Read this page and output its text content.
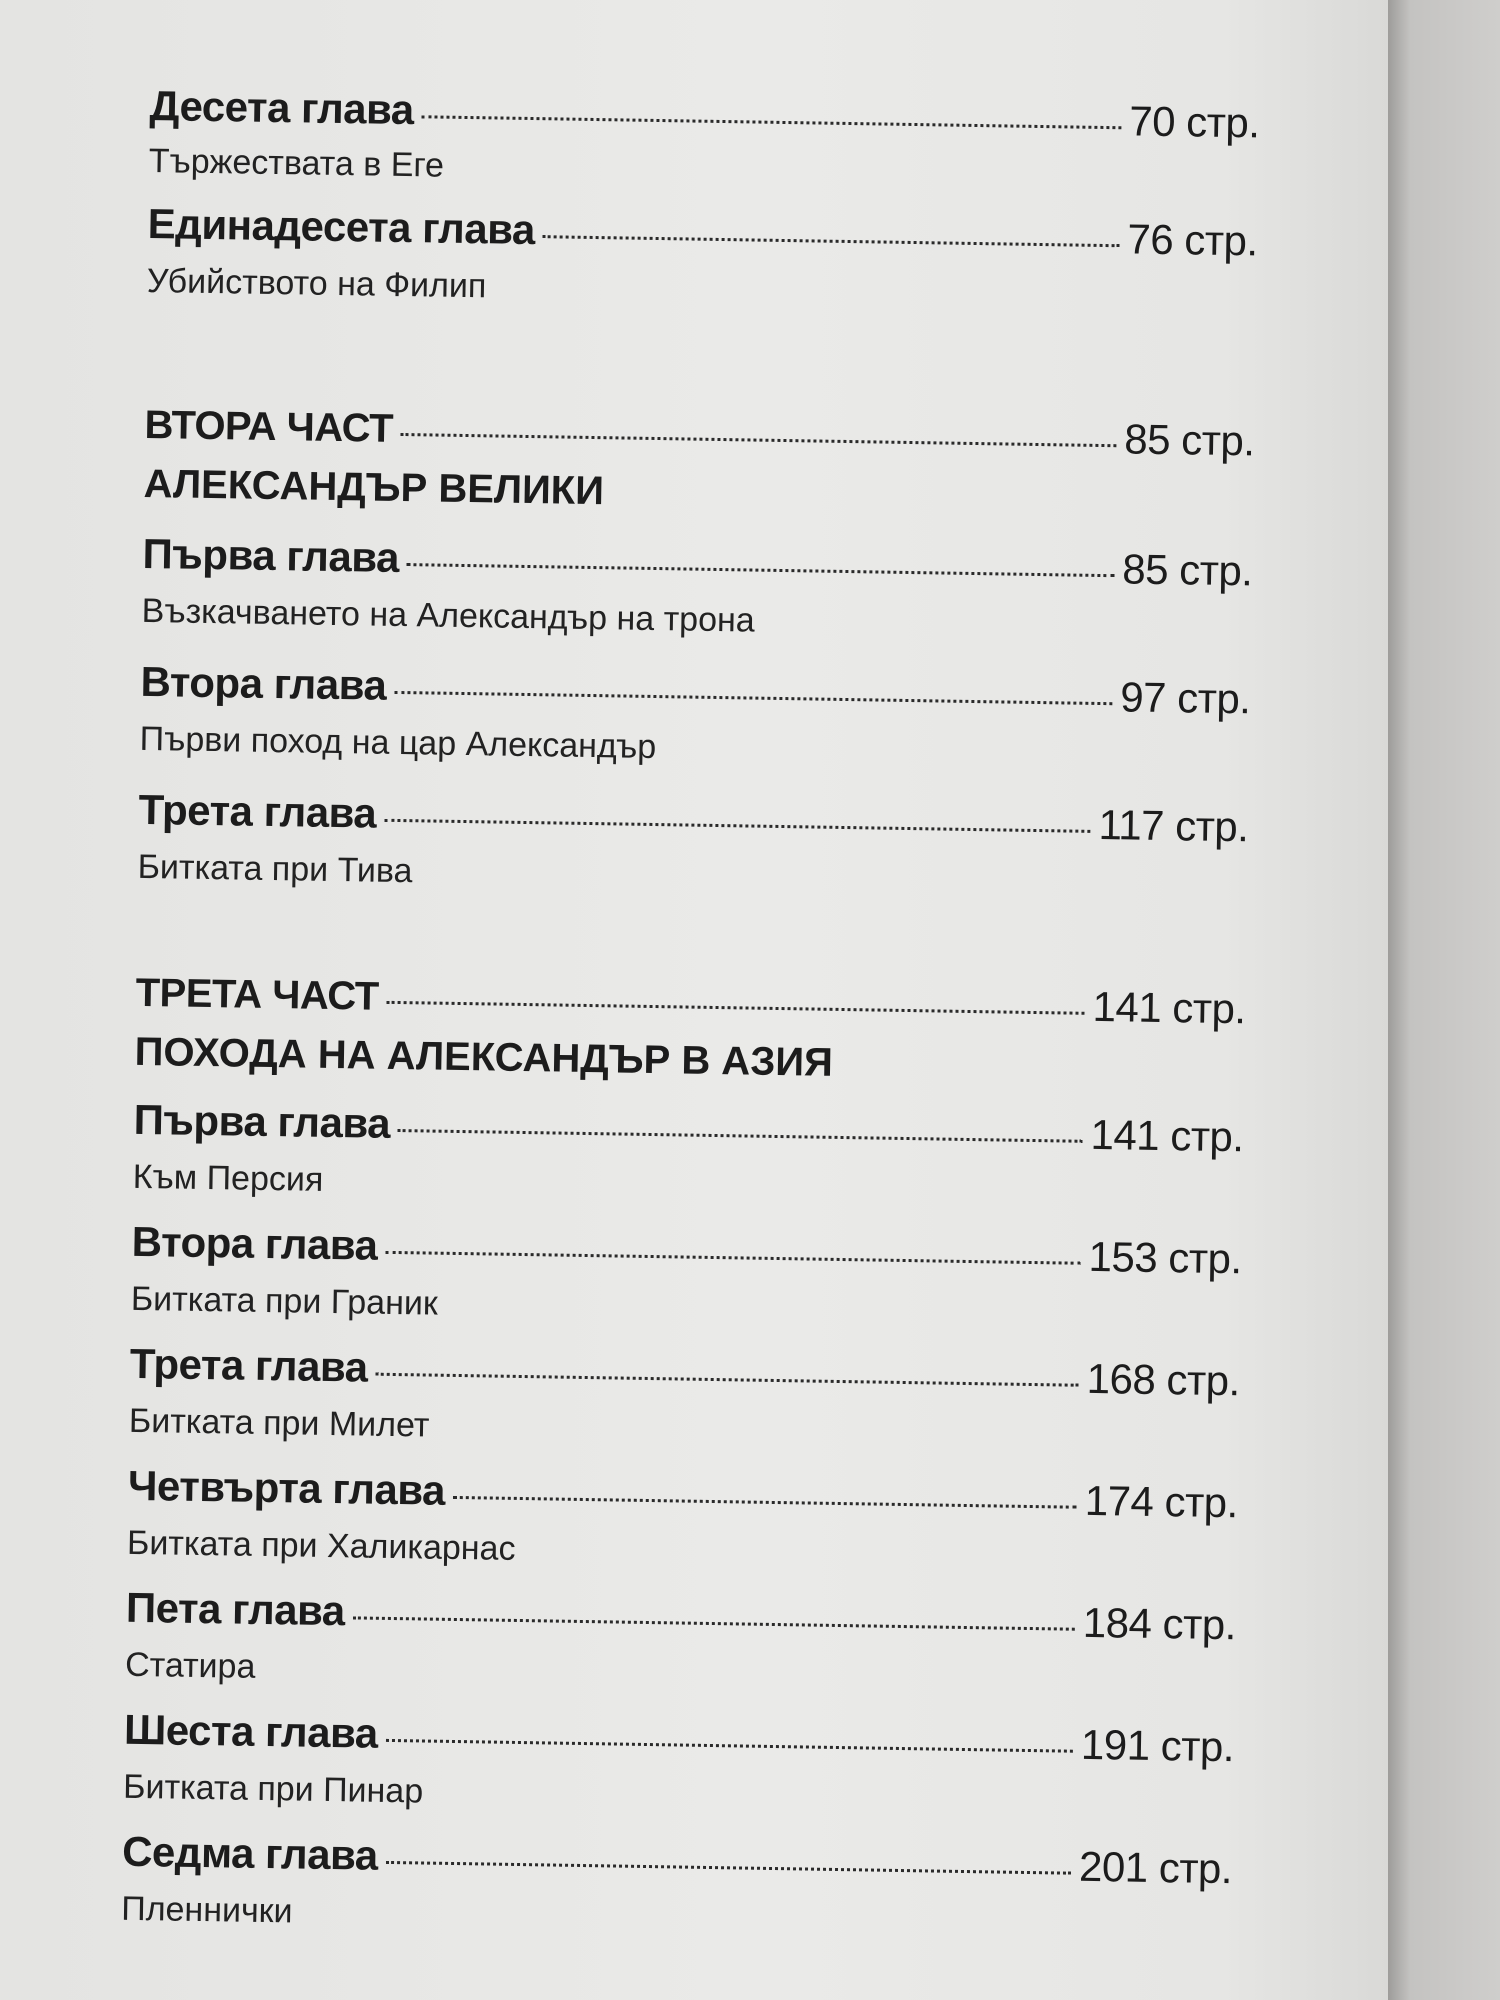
Десета глава	70 стр.
Тържествата в Еге
Единадесета глава	76 стр.
Убийството на Филип
ВТОРА ЧАСТ	85 стр.
АЛЕКСАНДЪР ВЕЛИКИ
Първа глава	85 стр.
Възкачването на Александър на трона
Втора глава	97 стр.
Първи поход на цар Александър
Трета глава	117 стр.
Битката при Тива
ТРЕТА ЧАСТ	141 стр.
ПОХОДА НА АЛЕКСАНДЪР В АЗИЯ
Първа глава	141 стр.
Към Персия
Втора глава	153 стр.
Битката при Граник
Трета глава	168 стр.
Битката при Милет
Четвърта глава	174 стр.
Битката при Халикарнас
Пета глава	184 стр.
Статира
Шеста глава	191 стр.
Битката при Пинар
Седма глава	201 стр.
Пленнички
